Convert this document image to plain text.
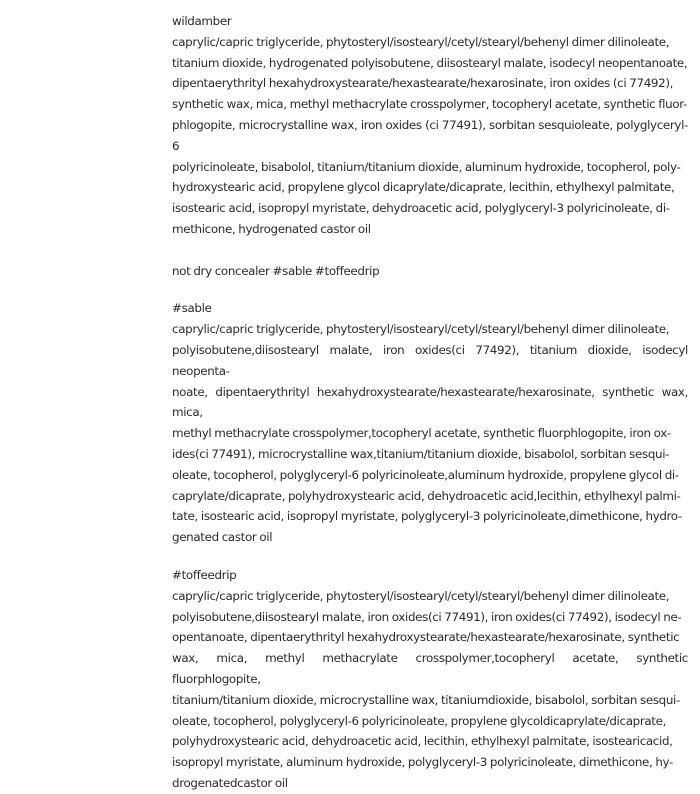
wildamber
caprylic/capric triglyceride, phytosteryl/isostearyl/cetyl/stearyl/behenyl dimer dilinoleate,
titanium dioxide, hydrogenated polyisobutene, diisostearyl malate, isodecyl neopentanoate,
dipentaerythrityl hexahydroxystearate/hexastearate/hexarosinate, iron oxides (ci 77492),
synthetic wax, mica, methyl methacrylate crosspolymer, tocopheryl acetate, synthetic fluor-
phlogopite, microcrystalline wax, iron oxides (ci 77491), sorbitan sesquioleate, polyglyceryl-6
polyricinoleate, bisabolol, titanium/titanium dioxide, aluminum hydroxide, tocopherol, poly-
hydroxystearic acid, propylene glycol dicaprylate/dicaprate, lecithin, ethylhexyl palmitate,
isostearic acid, isopropyl myristate, dehydroacetic acid, polyglyceryl-3 polyricinoleate, di-
methicone, hydrogenated castor oil
not dry concealer #sable #toffeedrip
#sable
caprylic/capric triglyceride, phytosteryl/isostearyl/cetyl/stearyl/behenyl dimer dilinoleate,
polyisobutene,diisostearyl malate, iron oxides(ci 77492), titanium dioxide, isodecyl neopenta-
noate, dipentaerythrityl hexahydroxystearate/hexastearate/hexarosinate, synthetic wax, mica,
methyl methacrylate crosspolymer,tocopheryl acetate, synthetic fluorphlogopite, iron ox-
ides(ci 77491), microcrystalline wax,titanium/titanium dioxide, bisabolol, sorbitan sesqui-
oleate, tocopherol, polyglyceryl-6 polyricinoleate,aluminum hydroxide, propylene glycol di-
caprylate/dicaprate, polyhydroxystearic acid, dehydroacetic acid,lecithin, ethylhexyl palmi-
tate, isostearic acid, isopropyl myristate, polyglyceryl-3 polyricinoleate,dimethicone, hydro-
genated castor oil
#toffeedrip
caprylic/capric triglyceride, phytosteryl/isostearyl/cetyl/stearyl/behenyl dimer dilinoleate,
polyisobutene,diisostearyl malate, iron oxides(ci 77491), iron oxides(ci 77492), isodecyl ne-
opentanoate, dipentaerythrityl hexahydroxystearate/hexastearate/hexarosinate, synthetic
wax, mica, methyl methacrylate crosspolymer,tocopheryl acetate, synthetic fluorphlogopite,
titanium/titanium dioxide, microcrystalline wax, titaniumdioxide, bisabolol, sorbitan sesqui-
oleate, tocopherol, polyglyceryl-6 polyricinoleate, propylene glycoldicaprylate/dicaprate,
polyhydroxystearic acid, dehydroacetic acid, lecithin, ethylhexyl palmitate, isostearicacid,
isopropyl myristate, aluminum hydroxide, polyglyceryl-3 polyricinoleate, dimethicone, hy-
drogenatedcastor oil
